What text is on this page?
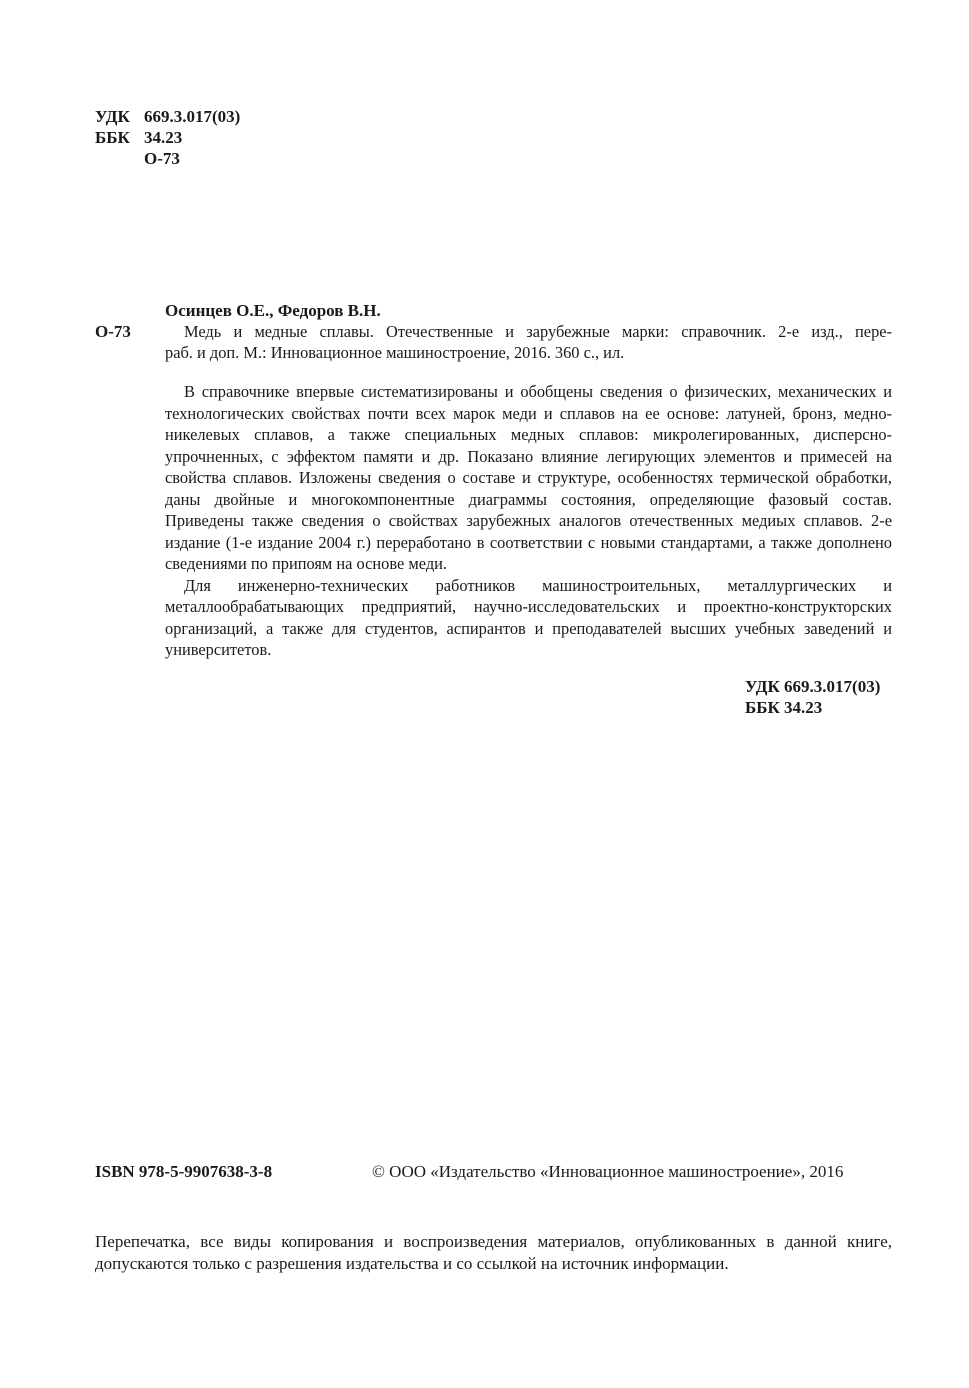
УДК 669.3.017(03)
ББК 34.23
О-73
Осинцев О.Е., Федоров В.Н.
О-73	Медь и медные сплавы. Отечественные и зарубежные марки: справочник. 2-е изд., пере-
раб. и доп. М.: Инновационное машиностроение, 2016. 360 с., ил.

В справочнике впервые систематизированы и обобщены сведения о физических, механических и технологических свойствах почти всех марок меди и сплавов на ее основе: латуней, бронз, медно-никелевых сплавов, а также специальных медных сплавов: микролегированных, дисперсно-упрочненных, с эффектом памяти и др. Показано влияние легирующих элементов и примесей на свойства сплавов. Изложены сведения о составе и структуре, особенностях термической обработки, даны двойные и многокомпонентные диаграммы состояния, определяющие фазовый состав. Приведены также сведения о свойствах зарубежных аналогов отечественных медиых сплавов. 2-е издание (1-е издание 2004 г.) переработано в соответствии с новыми стандартами, а также дополнено сведениями по припоям на основе меди.

Для инженерно-технических работников машиностроительных, металлургических и металлообрабатывающих предприятий, научно-исследовательских и проектно-конструкторских организаций, а также для студентов, аспирантов и преподавателей высших учебных заведений и университетов.

УДК 669.3.017(03)
ББК 34.23
ISBN 978-5-9907638-3-8	© ООО «Издательство «Инновационное машиностроение», 2016
Перепечатка, все виды копирования и воспроизведения материалов, опубликованных в данной книге, допускаются только с разрешения издательства и со ссылкой на источник информации.
